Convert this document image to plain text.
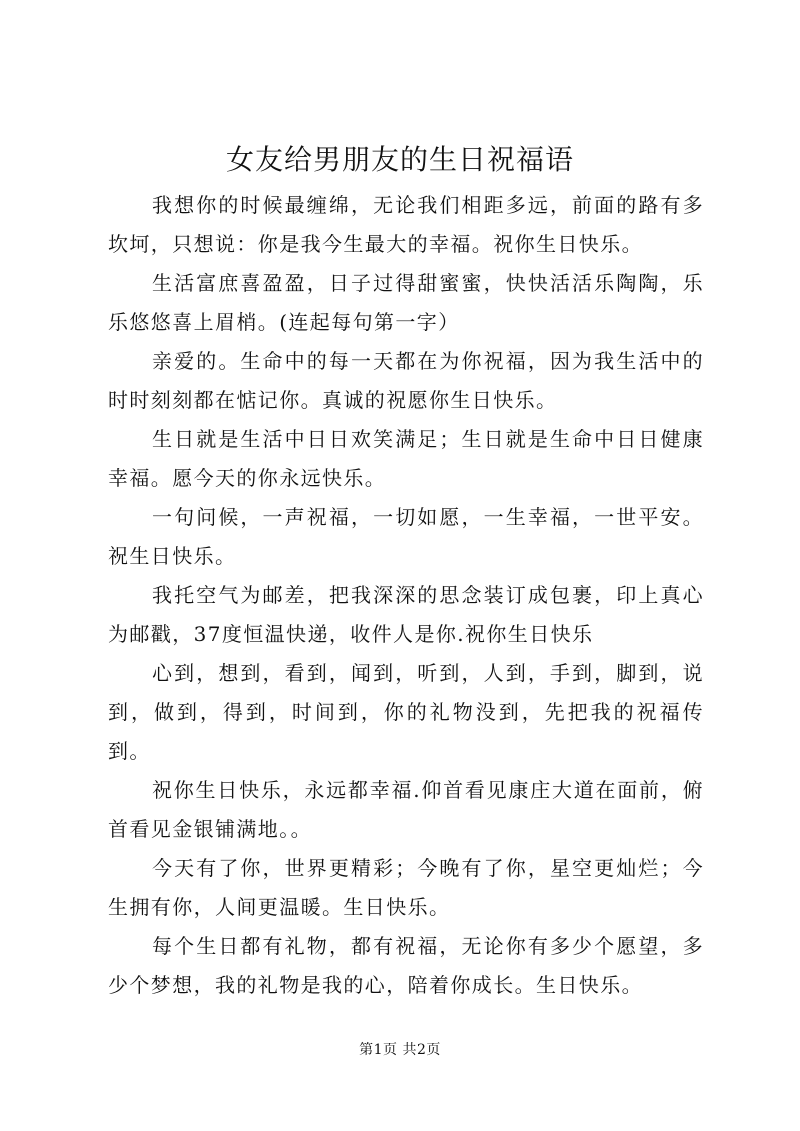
女友给男朋友的生日祝福语

我想你的时候最缠绵，无论我们相距多远，前面的路有多坎坷，只想说：你是我今生最大的幸福。祝你生日快乐。

生活富庶喜盈盈，日子过得甜蜜蜜，快快活活乐陶陶，乐乐悠悠喜上眉梢。(连起每句第一字）

亲爱的。生命中的每一天都在为你祝福，因为我生活中的时时刻刻都在惦记你。真诚的祝愿你生日快乐。

生日就是生活中日日欢笑满足；生日就是生命中日日健康幸福。愿今天的你永远快乐。

一句问候，一声祝福，一切如愿，一生幸福，一世平安。祝生日快乐。

我托空气为邮差，把我深深的思念装订成包裹，印上真心为邮戳，37度恒温快递，收件人是你.祝你生日快乐

心到，想到，看到，闻到，听到，人到，手到，脚到，说到，做到，得到，时间到，你的礼物没到，先把我的祝福传到。

祝你生日快乐，永远都幸福.仰首看见康庄大道在面前，俯首看见金银铺满地。。

今天有了你，世界更精彩；今晚有了你，星空更灿烂；今生拥有你，人间更温暖。生日快乐。

每个生日都有礼物，都有祝福，无论你有多少个愿望，多少个梦想，我的礼物是我的心，陪着你成长。生日快乐。

第1页 共2页
